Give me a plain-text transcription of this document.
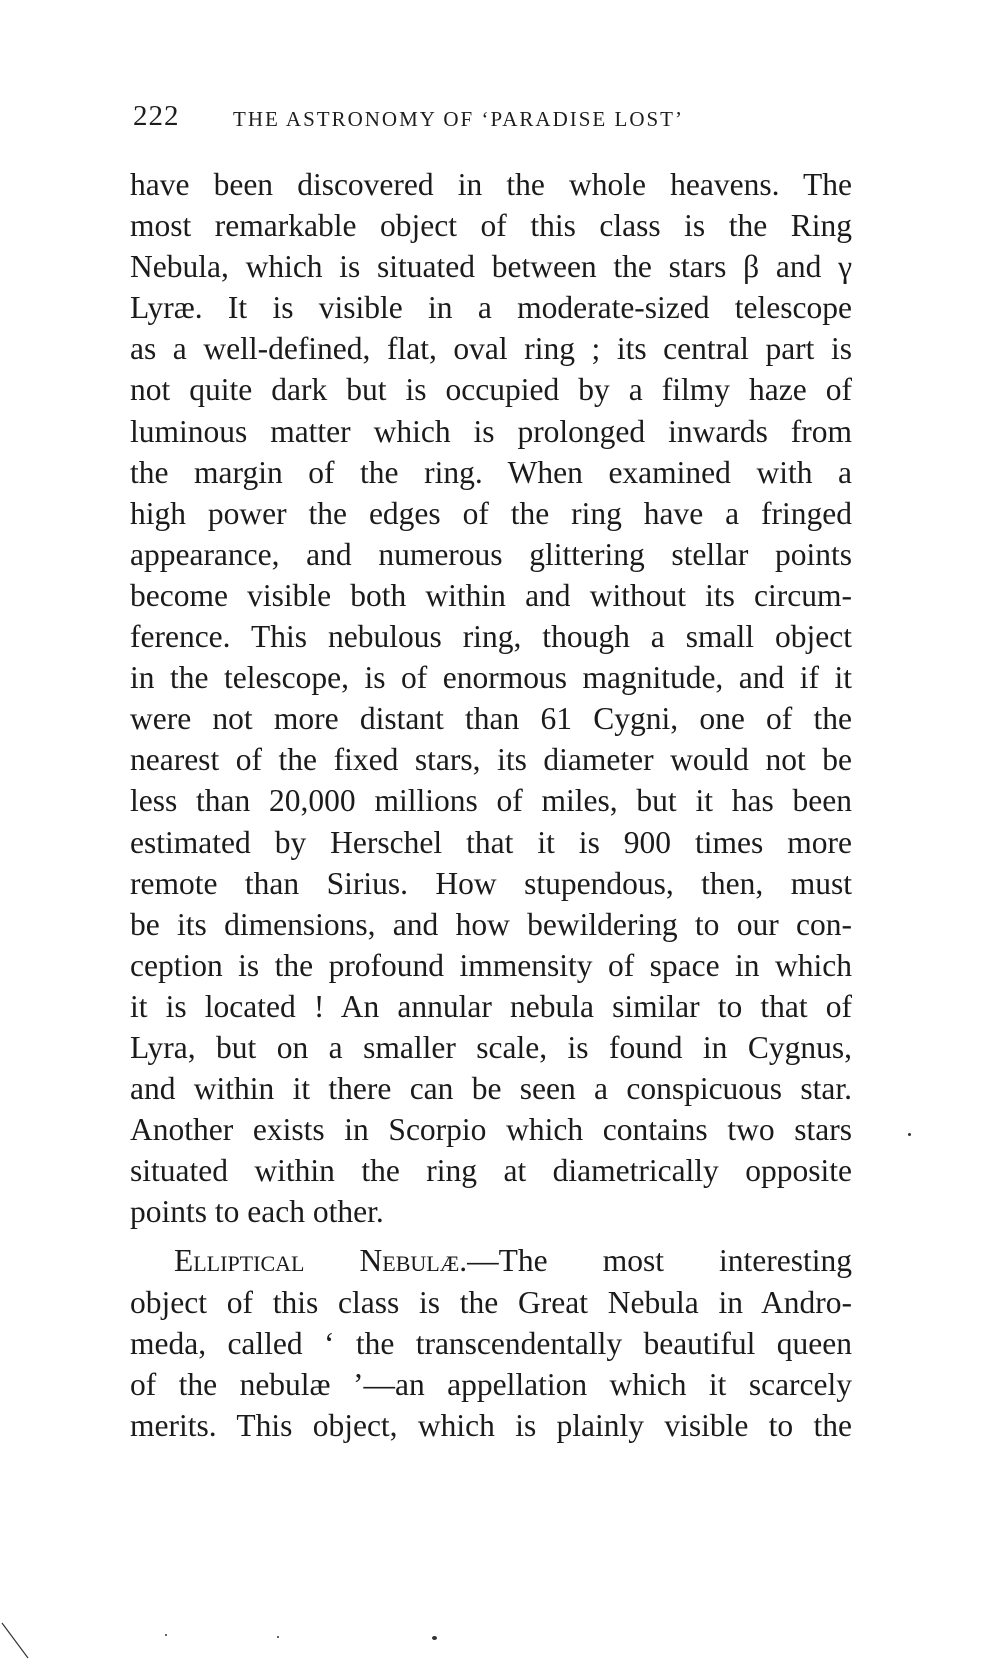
222	THE ASTRONOMY OF ‘PARADISE LOST’
have been discovered in the whole heavens. The
most remarkable object of this class is the Ring
Nebula, which is situated between the stars β and γ
Lyræ. It is visible in a moderate-sized telescope
as a well-defined, flat, oval ring ; its central part is
not quite dark but is occupied by a filmy haze of
luminous matter which is prolonged inwards from
the margin of the ring. When examined with a
high power the edges of the ring have a fringed
appearance, and numerous glittering stellar points
become visible both within and without its circum-
ference. This nebulous ring, though a small object
in the telescope, is of enormous magnitude, and if it
were not more distant than 61 Cygni, one of the
nearest of the fixed stars, its diameter would not be
less than 20,000 millions of miles, but it has been
estimated by Herschel that it is 900 times more
remote than Sirius. How stupendous, then, must
be its dimensions, and how bewildering to our con-
ception is the profound immensity of space in which
it is located ! An annular nebula similar to that of
Lyra, but on a smaller scale, is found in Cygnus,
and within it there can be seen a conspicuous star.
Another exists in Scorpio which contains two stars
situated within the ring at diametrically opposite
points to each other.
Elliptical Nebulæ.—The most interesting
object of this class is the Great Nebula in Andro-
meda, called ‘ the transcendentally beautiful queen
of the nebulæ ’—an appellation which it scarcely
merits. This object, which is plainly visible to the
